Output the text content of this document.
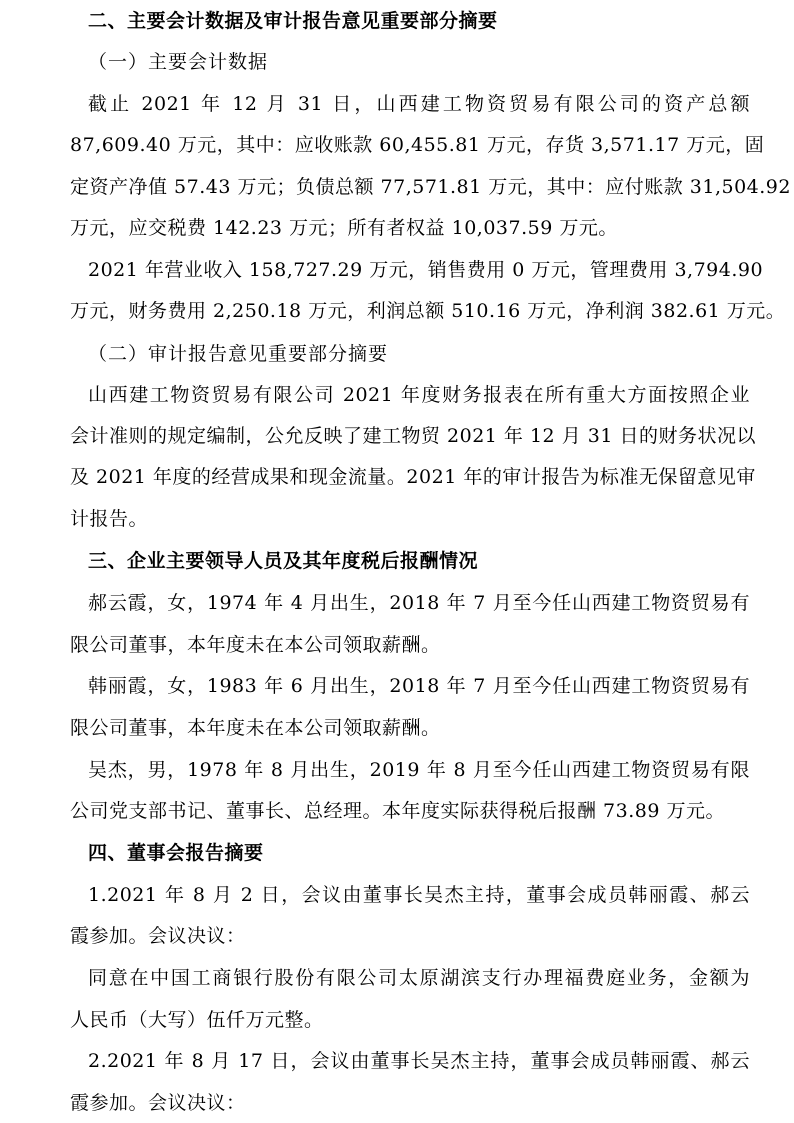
二、主要会计数据及审计报告意见重要部分摘要
（一）主要会计数据
截止 2021 年 12 月 31 日，山西建工物资贸易有限公司的资产总额
87,609.40 万元，其中：应收账款 60,455.81 万元，存货 3,571.17 万元，固
定资产净值 57.43 万元；负债总额 77,571.81 万元，其中：应付账款 31,504.92
万元，应交税费 142.23 万元；所有者权益 10,037.59 万元。
2021 年营业收入 158,727.29 万元，销售费用 0 万元，管理费用 3,794.90
万元，财务费用 2,250.18 万元，利润总额 510.16 万元，净利润 382.61 万元。
（二）审计报告意见重要部分摘要
山西建工物资贸易有限公司 2021 年度财务报表在所有重大方面按照企业
会计准则的规定编制，公允反映了建工物贸 2021 年 12 月 31 日的财务状况以
及 2021 年度的经营成果和现金流量。2021 年的审计报告为标准无保留意见审
计报告。
三、企业主要领导人员及其年度税后报酬情况
郝云霞，女，1974 年 4 月出生，2018 年 7 月至今任山西建工物资贸易有
限公司董事，本年度未在本公司领取薪酬。
韩丽霞，女，1983 年 6 月出生，2018 年 7 月至今任山西建工物资贸易有
限公司董事，本年度未在本公司领取薪酬。
吴杰，男，1978 年 8 月出生，2019 年 8 月至今任山西建工物资贸易有限
公司党支部书记、董事长、总经理。本年度实际获得税后报酬 73.89 万元。
四、董事会报告摘要
1.2021 年 8 月 2 日，会议由董事长吴杰主持，董事会成员韩丽霞、郝云
霞参加。会议决议：
同意在中国工商银行股份有限公司太原湖滨支行办理福费庭业务，金额为
人民币（大写）伍仟万元整。
2.2021 年 8 月 17 日，会议由董事长吴杰主持，董事会成员韩丽霞、郝云
霞参加。会议决议：
